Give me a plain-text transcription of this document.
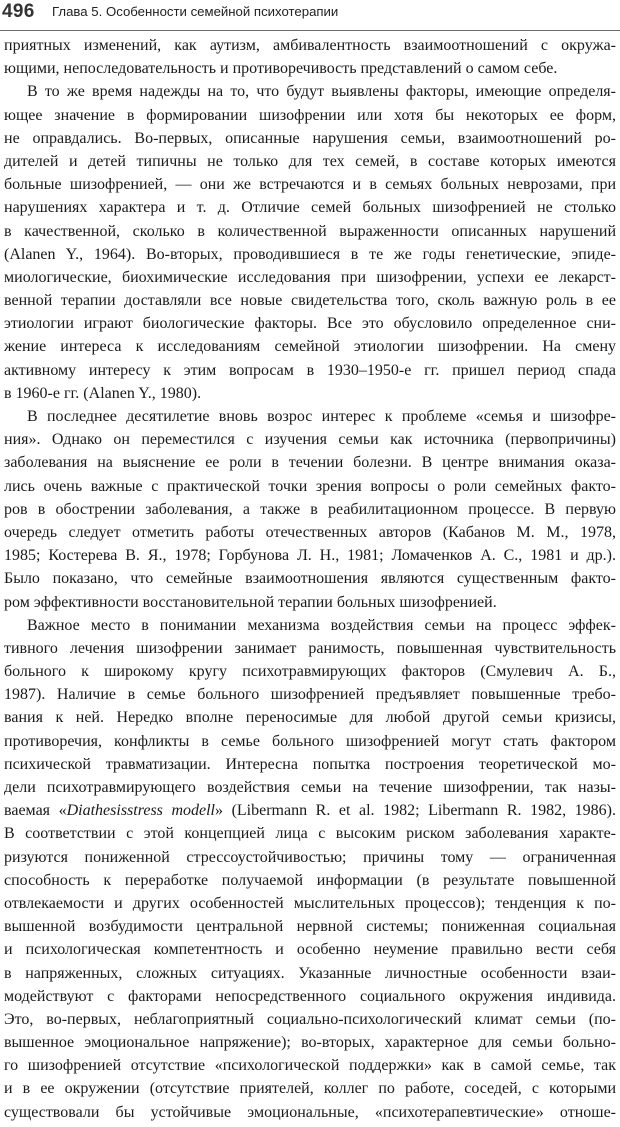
496 Глава 5. Особенности семейной психотерапии
приятных изменений, как аутизм, амбивалентность взаимоотношений с окружа-
ющими, непоследовательность и противоречивость представлений о самом себе.
В то же время надежды на то, что будут выявлены факторы, имеющие определя-
ющее значение в формировании шизофрении или хотя бы некоторых ее форм,
не оправдались. Во-первых, описанные нарушения семьи, взаимоотношений ро-
дителей и детей типичны не только для тех семей, в составе которых имеются
больные шизофренией, — они же встречаются и в семьях больных неврозами, при
нарушениях характера и т. д. Отличие семей больных шизофренией не столько
в качественной, сколько в количественной выраженности описанных нарушений
(Alanen Y., 1964). Во-вторых, проводившиеся в те же годы генетические, эпиде-
миологические, биохимические исследования при шизофрении, успехи ее лекарст-
венной терапии доставляли все новые свидетельства того, сколь важную роль в ее
этиологии играют биологические факторы. Все это обусловило определенное сни-
жение интереса к исследованиям семейной этиологии шизофрении. На смену
активному интересу к этим вопросам в 1930–1950-е гг. пришел период спада
в 1960-е гг. (Alanen Y., 1980).
В последнее десятилетие вновь возрос интерес к проблеме «семья и шизофре-
ния». Однако он переместился с изучения семьи как источника (первопричины)
заболевания на выяснение ее роли в течении болезни. В центре внимания оказа-
лись очень важные с практической точки зрения вопросы о роли семейных факто-
ров в обострении заболевания, а также в реабилитационном процессе. В первую
очередь следует отметить работы отечественных авторов (Кабанов М. М., 1978,
1985; Костерева В. Я., 1978; Горбунова Л. Н., 1981; Ломаченков А. С., 1981 и др.).
Было показано, что семейные взаимоотношения являются существенным факто-
ром эффективности восстановительной терапии больных шизофренией.
Важное место в понимании механизма воздействия семьи на процесс эффек-
тивного лечения шизофрении занимает ранимость, повышенная чувствительность
больного к широкому кругу психотравмирующих факторов (Смулевич А. Б.,
1987). Наличие в семье больного шизофренией предъявляет повышенные требо-
вания к ней. Нередко вполне переносимые для любой другой семьи кризисы,
противоречия, конфликты в семье больного шизофренией могут стать фактором
психической травматизации. Интересна попытка построения теоретической мо-
дели психотравмирующего воздействия семьи на течение шизофрении, так назы-
ваемая «Diathesisstress modell» (Libermann R. et al. 1982; Libermann R. 1982, 1986).
В соответствии с этой концепцией лица с высоким риском заболевания характе-
ризуются пониженной стрессоустойчивостью; причины тому — ограниченная
способность к переработке получаемой информации (в результате повышенной
отвлекаемости и других особенностей мыслительных процессов); тенденция к по-
вышенной возбудимости центральной нервной системы; пониженная социальная
и психологическая компетентность и особенно неумение правильно вести себя
в напряженных, сложных ситуациях. Указанные личностные особенности взаи-
модействуют с факторами непосредственного социального окружения индивида.
Это, во-первых, неблагоприятный социально-психологический климат семьи (по-
вышенное эмоциональное напряжение); во-вторых, характерное для семьи больно-
го шизофренией отсутствие «психологической поддержки» как в самой семье, так
и в ее окружении (отсутствие приятелей, коллег по работе, соседей, с которыми
существовали бы устойчивые эмоциональные, «психотерапевтические» отноше-
